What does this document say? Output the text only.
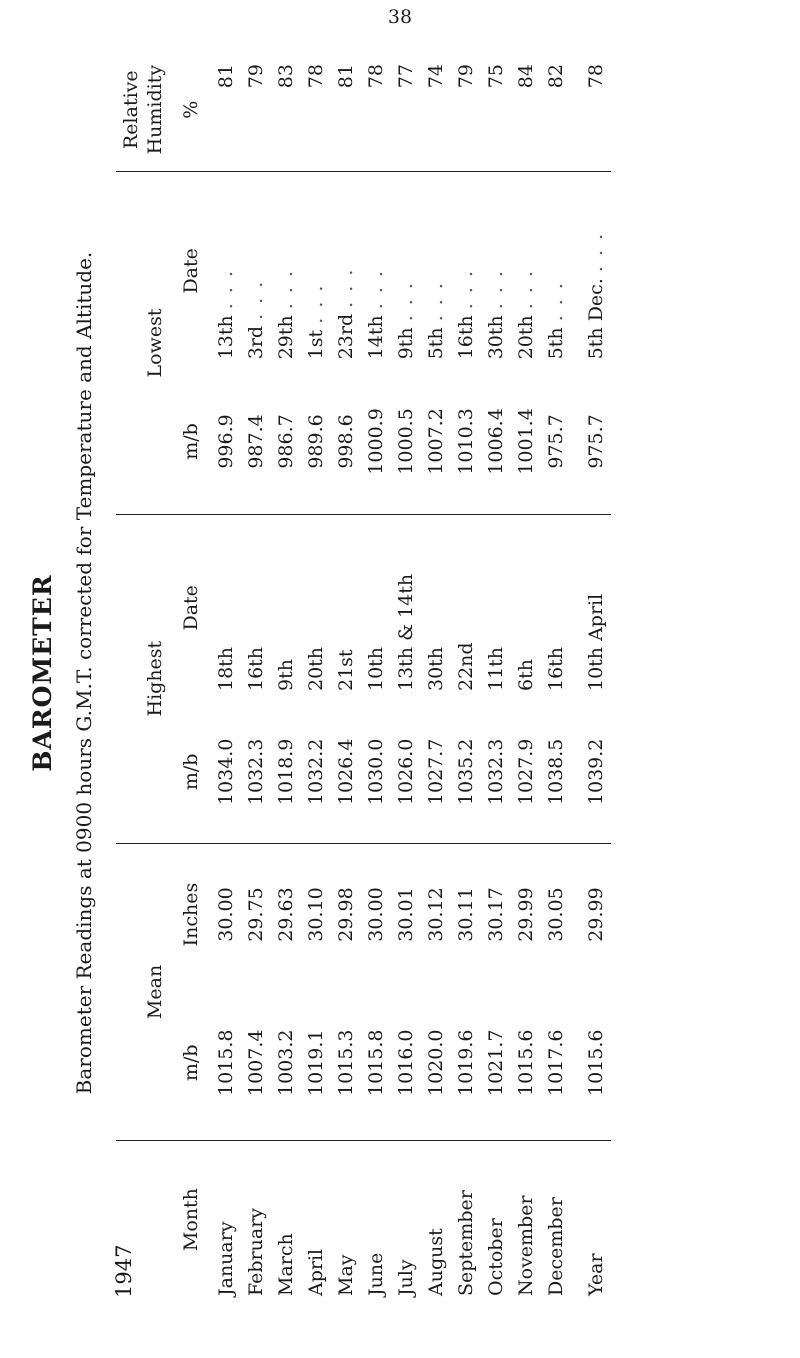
38
BAROMETER Barometer Readings at 0900 hours G.M.T. corrected for Temperature and Altitude.
1947
Month	Mean		Highest		Lowest		Relative Humidity
	m/b	Inches	m/b	Date	m/b	Date	%
January	1015.8	30.00	1034.0	18th	996.9	13th . . .	81
February	1007.4	29.75	1032.3	16th	987.4	3rd . . .	79
March	1003.2	29.63	1018.9	9th	986.7	29th . . .	83
April	1019.1	30.10	1032.2	20th	989.6	1st . . .	78
May	1015.3	29.98	1026.4	21st	998.6	23rd . . .	81
June	1015.8	30.00	1030.0	10th	1000.9	14th . . .	78
July	1016.0	30.01	1026.0	13th & 14th	1000.5	9th . . .	77
August	1020.0	30.12	1027.7	30th	1007.2	5th . . .	74
September	1019.6	30.11	1035.2	22nd	1010.3	16th . . .	79
October	1021.7	30.17	1032.3	11th	1006.4	30th . . .	75
November	1015.6	29.99	1027.9	6th	1001.4	20th . . .	84
December	1017.6	30.05	1038.5	16th	975.7	5th . . .	82
Year	1015.6	29.99	1039.2	10th April	975.7	5th Dec. . . .	78
